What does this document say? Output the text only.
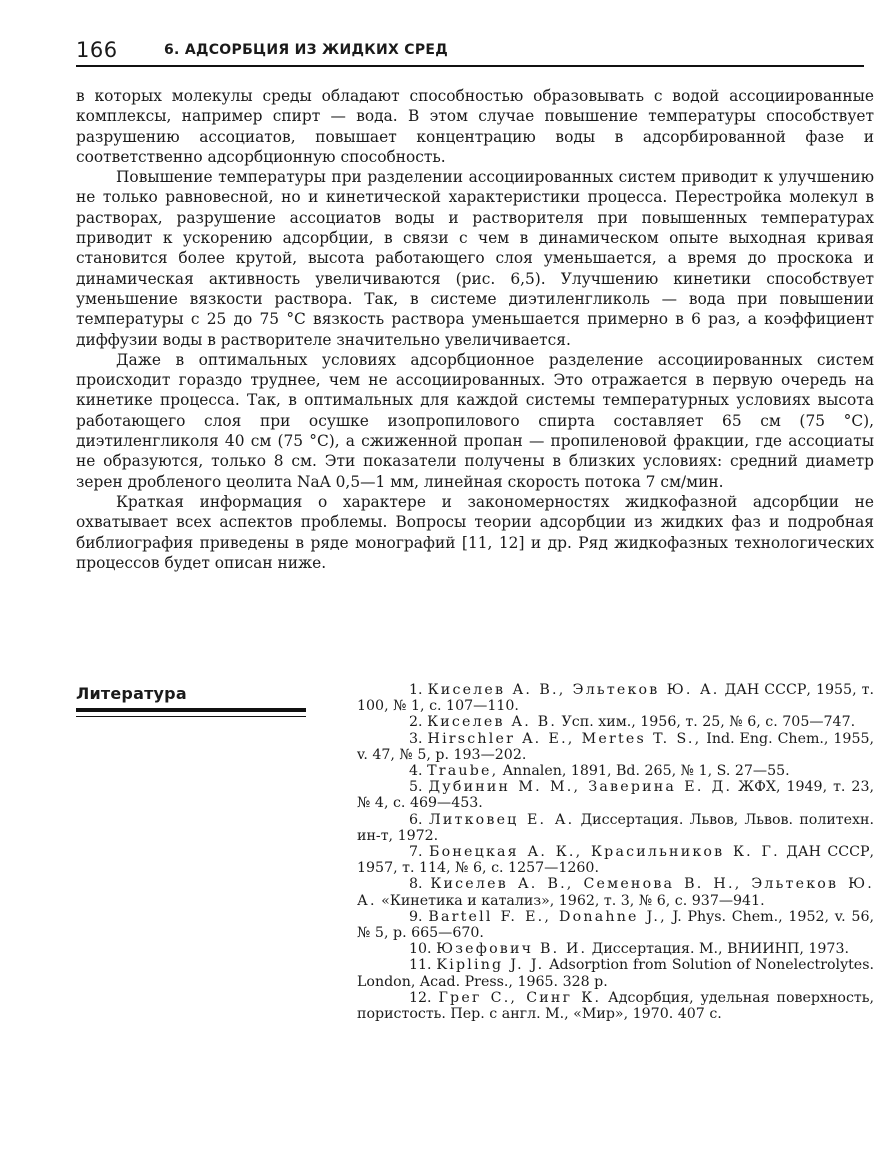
166	6. АДСОРБЦИЯ ИЗ ЖИДКИХ СРЕД

в которых молекулы среды обладают способностью образовывать с водой ассоциированные комплексы, например спирт — вода. В этом случае повышение температуры способствует разрушению ассоциатов, повышает концентрацию воды в адсорбированной фазе и соответственно адсорбционную способность.

Повышение температуры при разделении ассоциированных систем приводит к улучшению не только равновесной, но и кинетической характеристики процесса. Перестройка молекул в растворах, разрушение ассоциатов воды и растворителя при повышенных температурах приводит к ускорению адсорбции, в связи с чем в динамическом опыте выходная кривая становится более крутой, высота работающего слоя уменьшается, а время до проскока и динамическая активность увеличиваются (рис. 6,5). Улучшению кинетики способствует уменьшение вязкости раствора. Так, в системе диэтиленгликоль — вода при повышении температуры с 25 до 75 °С вязкость раствора уменьшается примерно в 6 раз, а коэффициент диффузии воды в растворителе значительно увеличивается.

Даже в оптимальных условиях адсорбционное разделение ассоциированных систем происходит гораздо труднее, чем не ассоциированных. Это отражается в первую очередь на кинетике процесса. Так, в оптимальных для каждой системы температурных условиях высота работающего слоя при осушке изопропилового спирта составляет 65 см (75 °С), диэтиленгликоля 40 см (75 °С), а сжиженной пропан — пропиленовой фракции, где ассоциаты не образуются, только 8 см. Эти показатели получены в близких условиях: средний диаметр зерен дробленого цеолита NaA 0,5—1 мм, линейная скорость потока 7 см/мин.

Краткая информация о характере и закономерностях жидкофазной адсорбции не охватывает всех аспектов проблемы. Вопросы теории адсорбции из жидких фаз и подробная библиография приведены в ряде монографий [11, 12] и др. Ряд жидкофазных технологических процессов будет описан ниже.

Литература	1. Киселев А. В., Эльтеков Ю. А. ДАН СССР, 1955, т. 100, № 1, с. 107—110.

2. Киселев А. В. Усп. хим., 1956, т. 25, № 6, с. 705—747.

3. Hirschler A. E., Mertes T. S., Ind. Eng. Chem., 1955, v. 47, № 5, p. 193—202.

4. Traube, Annalen, 1891, Bd. 265, № 1, S. 27—55.

5. Дубинин М. М., Заверина Е. Д. ЖФХ, 1949, т. 23, № 4, с. 469—453.

6. Литковец Е. А. Диссертация. Львов, Львов. политехн. ин-т, 1972.

7. Бонецкая А. К., Красильников К. Г. ДАН СССР, 1957, т. 114, № 6, с. 1257—1260.

8. Киселев А. В., Семенова В. Н., Эльтеков Ю. А. «Кинетика и катализ», 1962, т. 3, № 6, с. 937—941.

9. Bartell F. E., Donahne J., J. Phys. Chem., 1952, v. 56, № 5, p. 665—670.

10. Юзефович В. И. Диссертация. М., ВНИИНП, 1973.

11. Kipling J. J. Adsorption from Solution of Nonelectrolytes. London, Acad. Press., 1965. 328 p.

12. Грег С., Синг К. Адсорбция, удельная поверхность, пористость. Пер. с англ. М., «Мир», 1970. 407 с.
